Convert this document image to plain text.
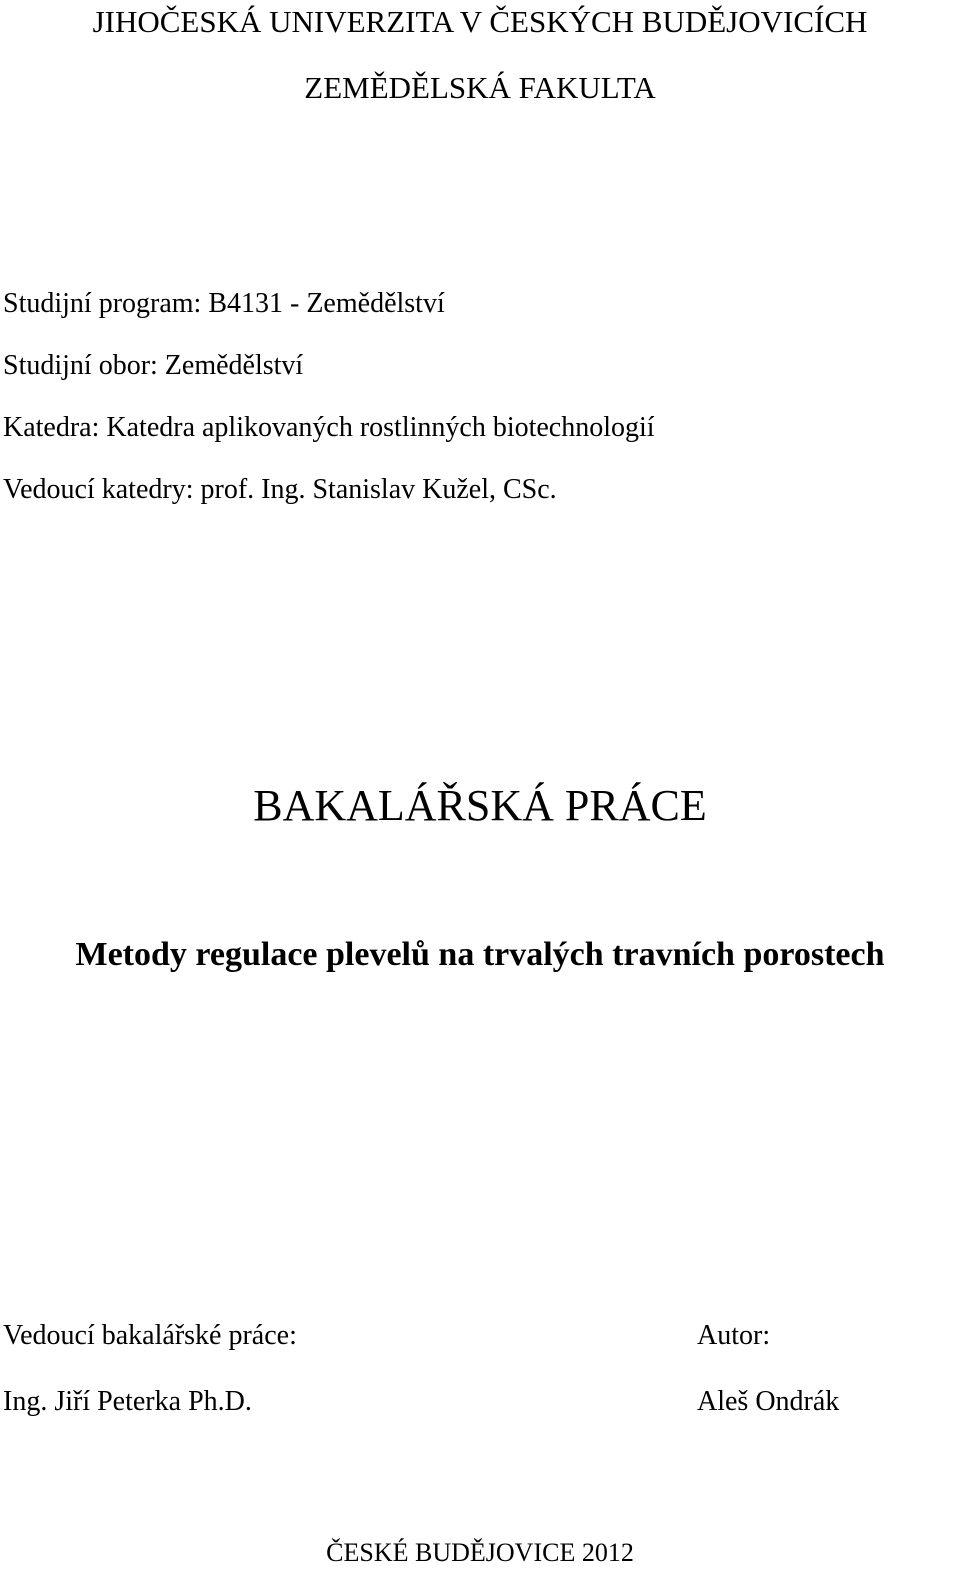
JIHOČESKÁ UNIVERZITA V ČESKÝCH BUDĚJOVICÍCH
ZEMĚDĚLSKÁ FAKULTA
Studijní program: B4131 - Zemědělství
Studijní obor: Zemědělství
Katedra: Katedra aplikovaných rostlinných biotechnologií
Vedoucí katedry: prof. Ing. Stanislav Kužel, CSc.
BAKALÁŘSKÁ PRÁCE
Metody regulace plevelů na trvalých travních porostech
Vedoucí bakalářské práce:
Ing. Jiří Peterka Ph.D.
Autor:
Aleš Ondrák
ČESKÉ BUDĚJOVICE 2012
